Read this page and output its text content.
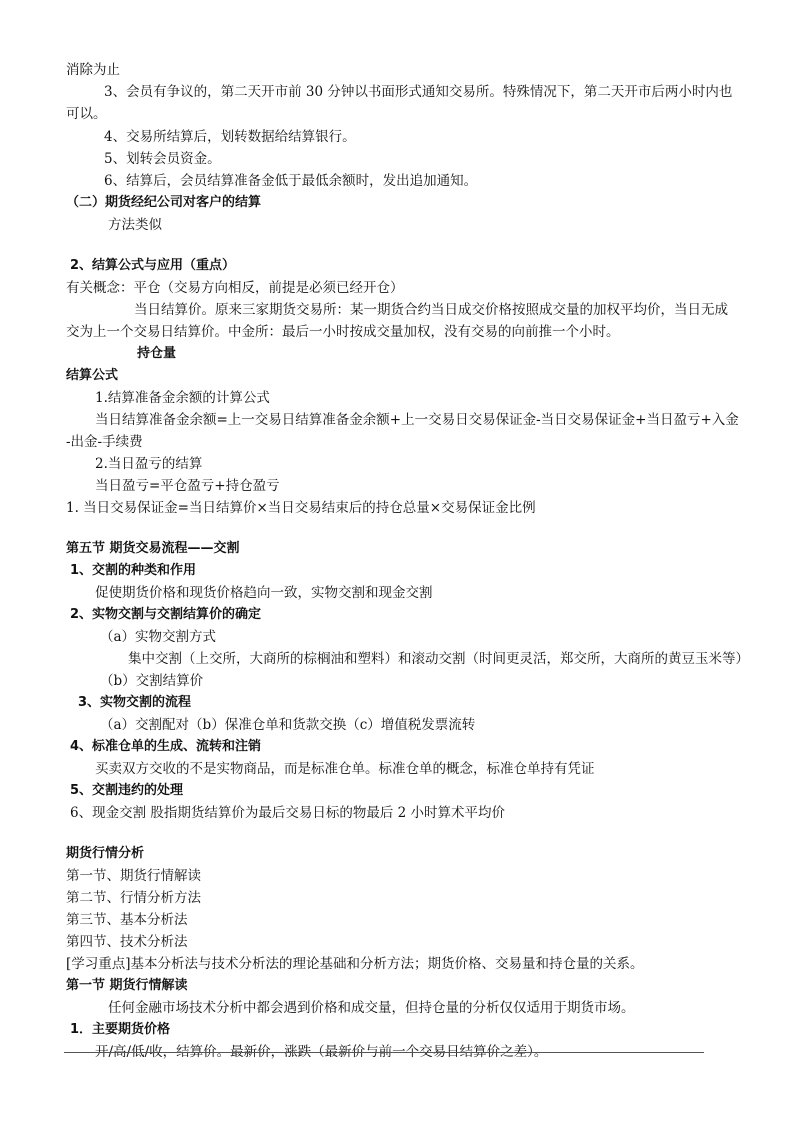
消除为止
3、会员有争议的，第二天开市前 30 分钟以书面形式通知交易所。特殊情况下，第二天开市后两小时内也
可以。
4、交易所结算后，划转数据给结算银行。
5、划转会员资金。
6、结算后，会员结算准备金低于最低余额时，发出追加通知。
（二）期货经纪公司对客户的结算
方法类似
2、结算公式与应用（重点）
有关概念：平仓（交易方向相反，前提是必须已经开仓）
当日结算价。原来三家期货交易所：某一期货合约当日成交价格按照成交量的加权平均价，当日无成
交为上一个交易日结算价。中金所：最后一小时按成交量加权，没有交易的向前推一个小时。
持仓量
结算公式
1.结算准备金余额的计算公式
当日结算准备金余额=上一交易日结算准备金余额+上一交易日交易保证金-当日交易保证金+当日盈亏+入金
-出金-手续费
2.当日盈亏的结算
当日盈亏=平仓盈亏+持仓盈亏
1. 当日交易保证金=当日结算价×当日交易结束后的持仓总量×交易保证金比例
第五节 期货交易流程——交割
1、交割的种类和作用
促使期货价格和现货价格趋向一致，实物交割和现金交割
2、实物交割与交割结算价的确定
（a）实物交割方式
集中交割（上交所，大商所的棕榈油和塑料）和滚动交割（时间更灵活，郑交所，大商所的黄豆玉米等）
（b）交割结算价
3、实物交割的流程
（a）交割配对（b）保准仓单和货款交换（c）增值税发票流转
4、标准仓单的生成、流转和注销
买卖双方交收的不是实物商品，而是标准仓单。标准仓单的概念，标准仓单持有凭证
5、交割违约的处理
6、现金交割 股指期货结算价为最后交易日标的物最后 2 小时算术平均价
期货行情分析
第一节、期货行情解读
第二节、行情分析方法
第三节、基本分析法
第四节、技术分析法
[学习重点]基本分析法与技术分析法的理论基础和分析方法；期货价格、交易量和持仓量的关系。
第一节 期货行情解读
任何金融市场技术分析中都会遇到价格和成交量，但持仓量的分析仅仅适用于期货市场。
1．主要期货价格
开/高/低/收，结算价。最新价，涨跌（最新价与前一个交易日结算价之差）。
